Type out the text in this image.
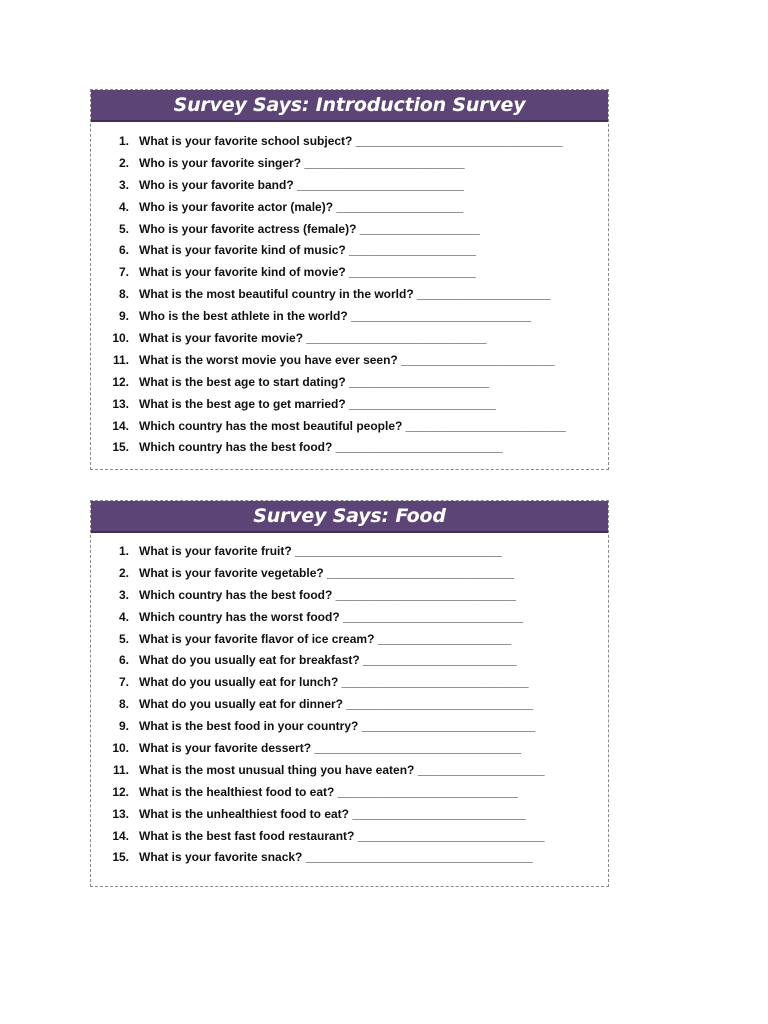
Survey Says: Introduction Survey
1. What is your favorite school subject? _______________________________
2. Who is your favorite singer? ________________________
3. Who is your favorite band? _________________________
4. Who is your favorite actor (male)? ___________________
5. Who is your favorite actress (female)? __________________
6. What is your favorite kind of music? ___________________
7. What is your favorite kind of movie? ___________________
8. What is the most beautiful country in the world? ____________________
9. Who is the best athlete in the world? ___________________________
10. What is your favorite movie? ___________________________
11. What is the worst movie you have ever seen? _______________________
12. What is the best age to start dating? _____________________
13. What is the best age to get married? ______________________
14. Which country has the most beautiful people? ________________________
15. Which country has the best food? _________________________
Survey Says: Food
1. What is your favorite fruit? _______________________________
2. What is your favorite vegetable? ____________________________
3. Which country has the best food? ___________________________
4. Which country has the worst food? ___________________________
5. What is your favorite flavor of ice cream? ____________________
6. What do you usually eat for breakfast? _______________________
7. What do you usually eat for lunch? ____________________________
8. What do you usually eat for dinner? ____________________________
9. What is the best food in your country? __________________________
10. What is your favorite dessert? _______________________________
11. What is the most unusual thing you have eaten? ___________________
12. What is the healthiest food to eat? ___________________________
13. What is the unhealthiest food to eat? __________________________
14. What is the best fast food restaurant? ____________________________
15. What is your favorite snack? __________________________________
